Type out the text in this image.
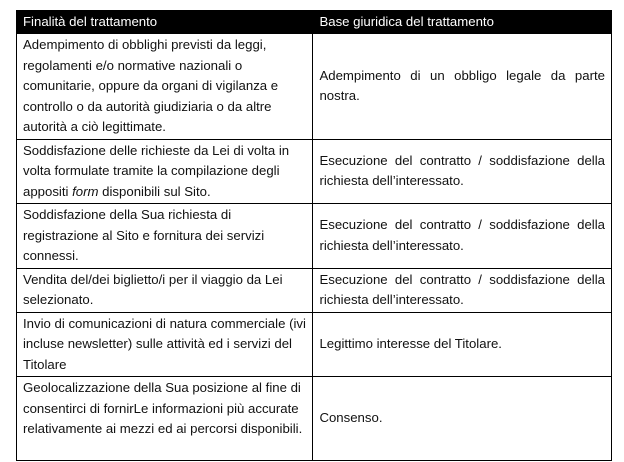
Finalità del trattamento	Base giuridica del trattamento
Adempimento di obblighi previsti da leggi, regolamenti e/o normative nazionali o comunitarie, oppure da organi di vigilanza e controllo o da autorità giudiziaria o da altre autorità a ciò legittimate.	Adempimento di un obbligo legale da parte nostra.
Soddisfazione delle richieste da Lei di volta in volta formulate tramite la compilazione degli appositi form disponibili sul Sito.	Esecuzione del contratto / soddisfazione della richiesta dell’interessato.
Soddisfazione della Sua richiesta di registrazione al Sito e fornitura dei servizi connessi.	Esecuzione del contratto / soddisfazione della richiesta dell’interessato.
Vendita del/dei biglietto/i per il viaggio da Lei selezionato.	Esecuzione del contratto / soddisfazione della richiesta dell’interessato.
Invio di comunicazioni di natura commerciale (ivi incluse newsletter) sulle attività ed i servizi del Titolare	Legittimo interesse del Titolare.
Geolocalizzazione della Sua posizione al fine di consentirci di fornirLe informazioni più accurate relativamente ai mezzi ed ai percorsi disponibili.	Consenso.
